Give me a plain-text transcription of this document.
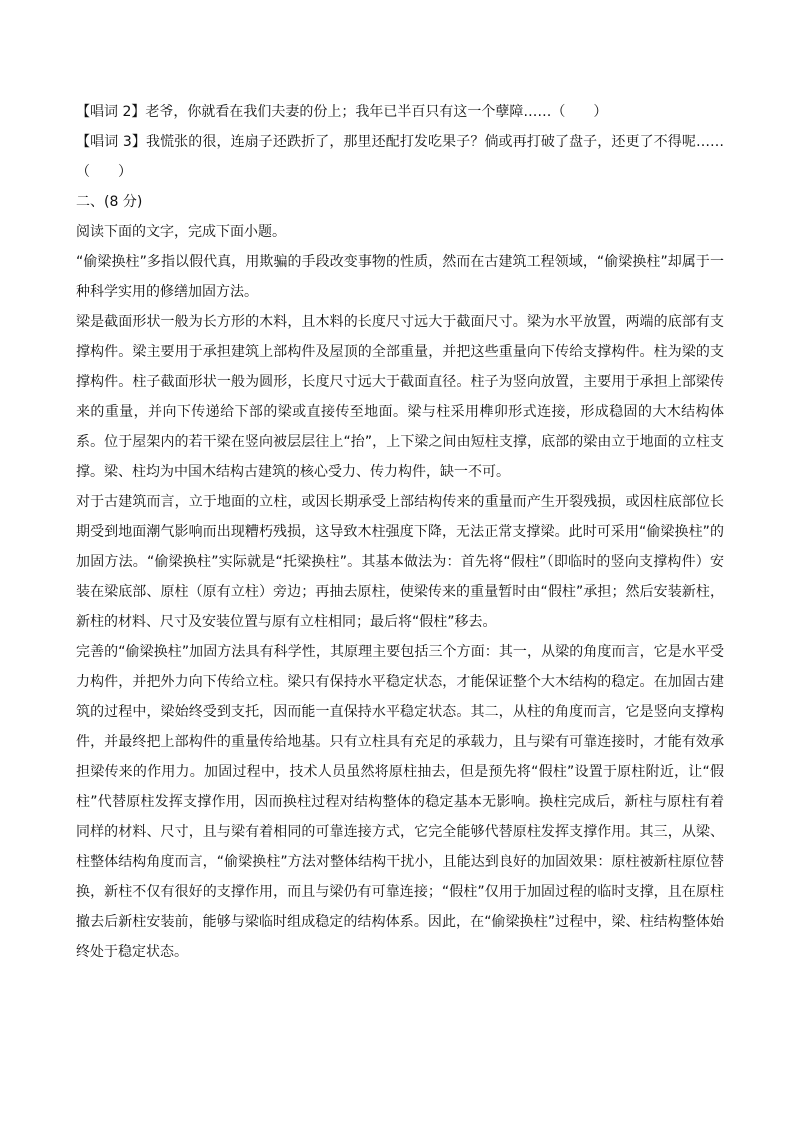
【唱词 2】老爷，你就看在我们夫妻的份上；我年已半百只有这一个孽障……（　　）

【唱词 3】我慌张的很，连扇子还跌折了，那里还配打发吃果子？倘或再打破了盘子，还更了不得呢……（　　）

二、(8 分)

阅读下面的文字，完成下面小题。

“偷梁换柱”多指以假代真，用欺骗的手段改变事物的性质，然而在古建筑工程领域，“偷梁换柱”却属于一种科学实用的修缮加固方法。

梁是截面形状一般为长方形的木料，且木料的长度尺寸远大于截面尺寸。梁为水平放置，两端的底部有支撑构件。梁主要用于承担建筑上部构件及屋顶的全部重量，并把这些重量向下传给支撑构件。柱为梁的支撑构件。柱子截面形状一般为圆形，长度尺寸远大于截面直径。柱子为竖向放置，主要用于承担上部梁传来的重量，并向下传递给下部的梁或直接传至地面。梁与柱采用榫卯形式连接，形成稳固的大木结构体系。位于屋架内的若干梁在竖向被层层往上“抬”，上下梁之间由短柱支撑，底部的梁由立于地面的立柱支撑。梁、柱均为中国木结构古建筑的核心受力、传力构件，缺一不可。

对于古建筑而言，立于地面的立柱，或因长期承受上部结构传来的重量而产生开裂残损，或因柱底部位长期受到地面潮气影响而出现糟朽残损，这导致木柱强度下降，无法正常支撑梁。此时可采用“偷梁换柱”的加固方法。“偷梁换柱”实际就是“托梁换柱”。其基本做法为：首先将“假柱”（即临时的竖向支撑构件）安装在梁底部、原柱（原有立柱）旁边；再抽去原柱，使梁传来的重量暂时由“假柱”承担；然后安装新柱，新柱的材料、尺寸及安装位置与原有立柱相同；最后将“假柱”移去。

完善的“偷梁换柱”加固方法具有科学性，其原理主要包括三个方面：其一，从梁的角度而言，它是水平受力构件，并把外力向下传给立柱。梁只有保持水平稳定状态，才能保证整个大木结构的稳定。在加固古建筑的过程中，梁始终受到支托，因而能一直保持水平稳定状态。其二，从柱的角度而言，它是竖向支撑构件，并最终把上部构件的重量传给地基。只有立柱具有充足的承载力，且与梁有可靠连接时，才能有效承担梁传来的作用力。加固过程中，技术人员虽然将原柱抽去，但是预先将“假柱”设置于原柱附近，让“假柱”代替原柱发挥支撑作用，因而换柱过程对结构整体的稳定基本无影响。换柱完成后，新柱与原柱有着同样的材料、尺寸，且与梁有着相同的可靠连接方式，它完全能够代替原柱发挥支撑作用。其三，从梁、柱整体结构角度而言，“偷梁换柱”方法对整体结构干扰小，且能达到良好的加固效果：原柱被新柱原位替换，新柱不仅有很好的支撑作用，而且与梁仍有可靠连接；“假柱”仅用于加固过程的临时支撑，且在原柱撤去后新柱安装前，能够与梁临时组成稳定的结构体系。因此，在“偷梁换柱”过程中，梁、柱结构整体始终处于稳定状态。
